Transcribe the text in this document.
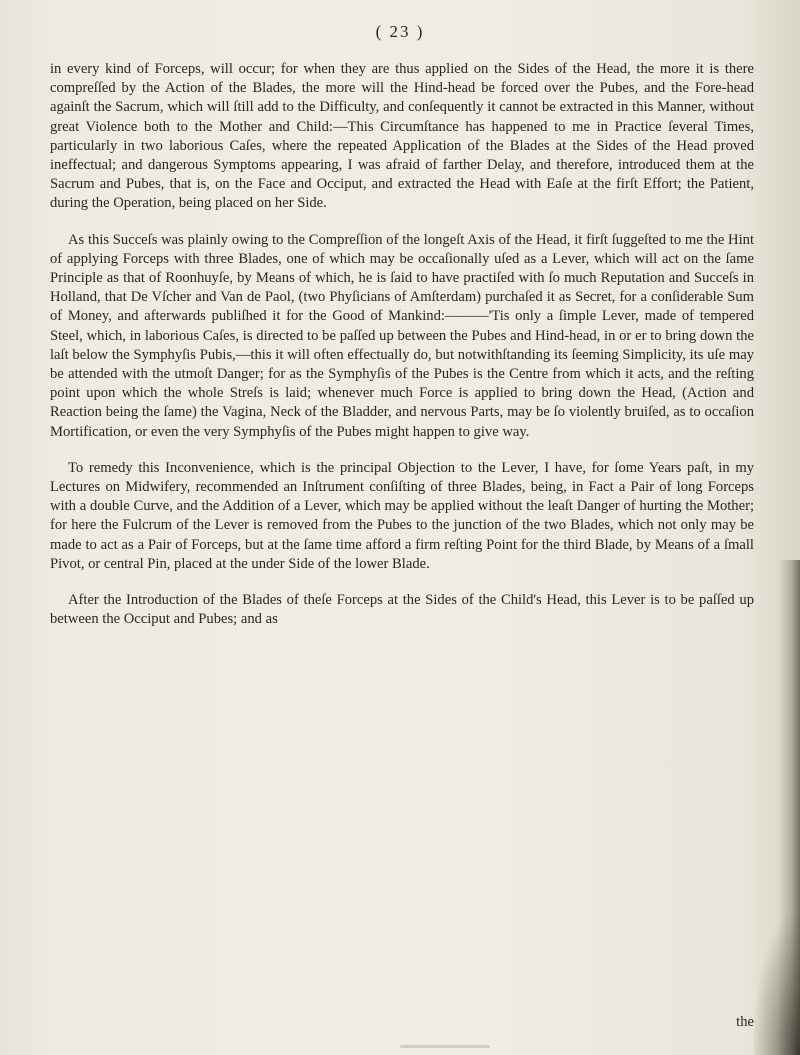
( 23 )

in every kind of Forceps, will occur; for when they are thus applied on the Sides of the Head, the more it is there compreſſed by the Action of the Blades, the more will the Hind-head be forced over the Pubes, and the Fore-head againſt the Sacrum, which will ſtill add to the Difficulty, and conſequently it cannot be extracted in this Manner, without great Violence both to the Mother and Child:—This Circumſtance has happened to me in Practice ſeveral Times, particularly in two laborious Caſes, where the repeated Application of the Blades at the Sides of the Head proved ineffectual; and dangerous Symptoms appearing, I was afraid of farther Delay, and therefore, introduced them at the Sacrum and Pubes, that is, on the Face and Occiput, and extracted the Head with Eaſe at the firſt Effort; the Patient, during the Operation, being placed on her Side.

As this Succeſs was plainly owing to the Compreſſion of the longeſt Axis of the Head, it firſt ſuggeſted to me the Hint of applying Forceps with three Blades, one of which may be occaſionally uſed as a Lever, which will act on the ſame Principle as that of Roonhuyſe, by Means of which, he is ſaid to have practiſed with ſo much Reputation and Succeſs in Holland, that De Vſcher and Van de Paol, (two Phyſicians of Amſterdam) purchaſed it as Secret, for a conſiderable Sum of Money, and afterwards publiſhed it for the Good of Mankind:———'Tis only a ſimple Lever, made of tempered Steel, which, in laborious Caſes, is directed to be paſſed up between the Pubes and Hind-head, in or er to bring down the laſt below the Symphyſis Pubis,—this it will often effectually do, but notwithſtanding its ſeeming Simplicity, its uſe may be attended with the utmoſt Danger; for as the Symphyſis of the Pubes is the Centre from which it acts, and the reſting point upon which the whole Streſs is laid; whenever much Force is applied to bring down the Head, (Action and Reaction being the ſame) the Vagina, Neck of the Bladder, and nervous Parts, may be ſo violently bruiſed, as to occaſion Mortification, or even the very Symphyſis of the Pubes might happen to give way.

To remedy this Inconvenience, which is the principal Objection to the Lever, I have, for ſome Years paſt, in my Lectures on Midwifery, recommended an Inſtrument conſiſting of three Blades, being, in Fact a Pair of long Forceps with a double Curve, and the Addition of a Lever, which may be applied without the leaſt Danger of hurting the Mother; for here the Fulcrum of the Lever is removed from the Pubes to the junction of the two Blades, which not only may be made to act as a Pair of Forceps, but at the ſame time afford a firm reſting Point for the third Blade, by Means of a ſmall Pivot, or central Pin, placed at the under Side of the lower Blade.

After the Introduction of the Blades of theſe Forceps at the Sides of the Child's Head, this Lever is to be paſſed up between the Occiput and Pubes; and as

the
